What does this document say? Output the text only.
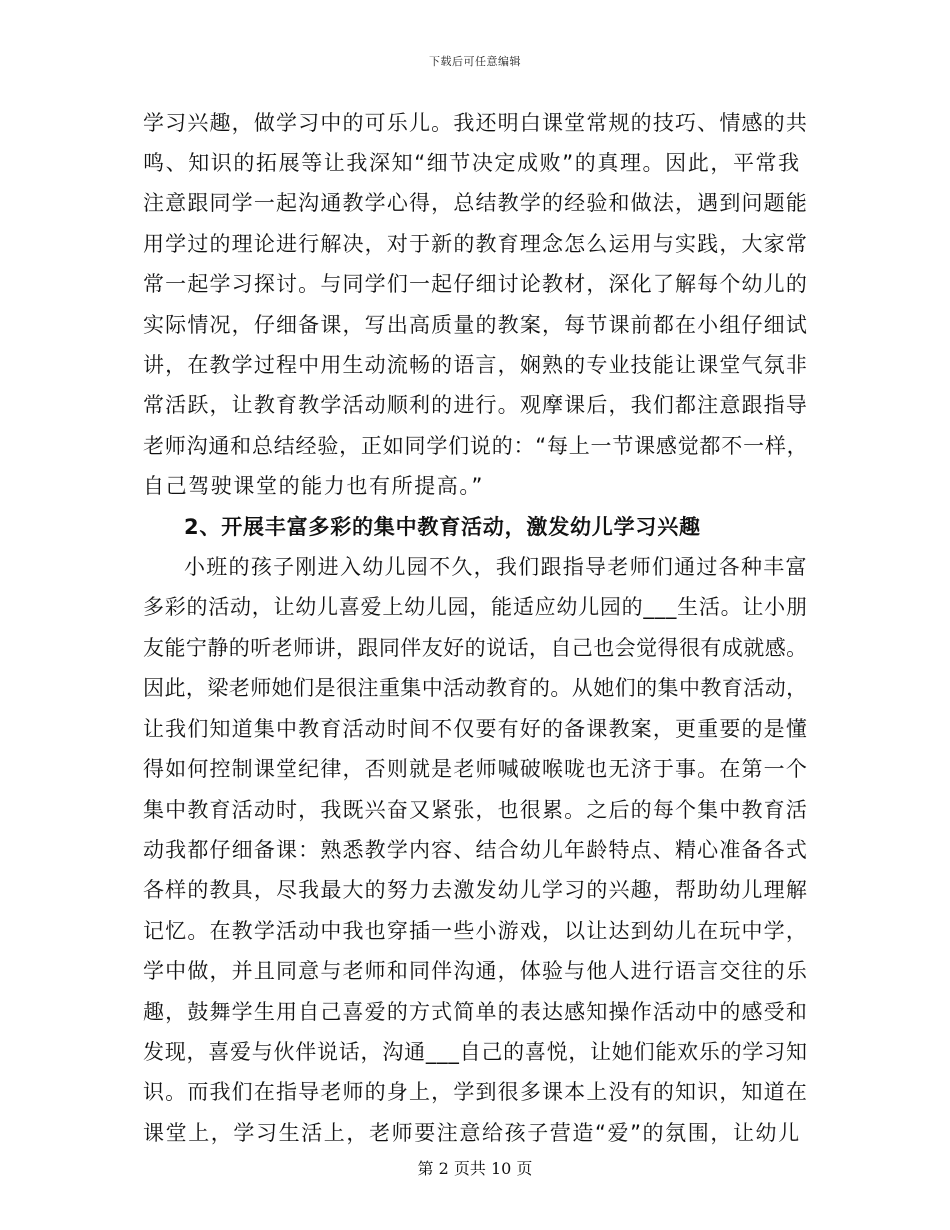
下载后可任意编辑
学习兴趣，做学习中的可乐儿。我还明白课堂常规的技巧、情感的共
鸣、知识的拓展等让我深知“细节决定成败”的真理。因此，平常我
注意跟同学一起沟通教学心得，总结教学的经验和做法，遇到问题能
用学过的理论进行解决，对于新的教育理念怎么运用与实践，大家常
常一起学习探讨。与同学们一起仔细讨论教材，深化了解每个幼儿的
实际情况，仔细备课，写出高质量的教案，每节课前都在小组仔细试
讲，在教学过程中用生动流畅的语言，娴熟的专业技能让课堂气氛非
常活跃，让教育教学活动顺利的进行。观摩课后，我们都注意跟指导
老师沟通和总结经验，正如同学们说的：“每上一节课感觉都不一样，
自己驾驶课堂的能力也有所提高。”
2、开展丰富多彩的集中教育活动，激发幼儿学习兴趣
小班的孩子刚进入幼儿园不久，我们跟指导老师们通过各种丰富
多彩的活动，让幼儿喜爱上幼儿园，能适应幼儿园的___生活。让小朋
友能宁静的听老师讲，跟同伴友好的说话，自己也会觉得很有成就感。
因此，梁老师她们是很注重集中活动教育的。从她们的集中教育活动，
让我们知道集中教育活动时间不仅要有好的备课教案，更重要的是懂
得如何控制课堂纪律，否则就是老师喊破喉咙也无济于事。在第一个
集中教育活动时，我既兴奋又紧张，也很累。之后的每个集中教育活
动我都仔细备课：熟悉教学内容、结合幼儿年龄特点、精心准备各式
各样的教具，尽我最大的努力去激发幼儿学习的兴趣，帮助幼儿理解
记忆。在教学活动中我也穿插一些小游戏，以让达到幼儿在玩中学，
学中做，并且同意与老师和同伴沟通，体验与他人进行语言交往的乐
趣，鼓舞学生用自己喜爱的方式简单的表达感知操作活动中的感受和
发现，喜爱与伙伴说话，沟通___自己的喜悦，让她们能欢乐的学习知
识。而我们在指导老师的身上，学到很多课本上没有的知识，知道在
课堂上，学习生活上，老师要注意给孩子营造“爱”的氛围，让幼儿
第 2 页共 10 页
